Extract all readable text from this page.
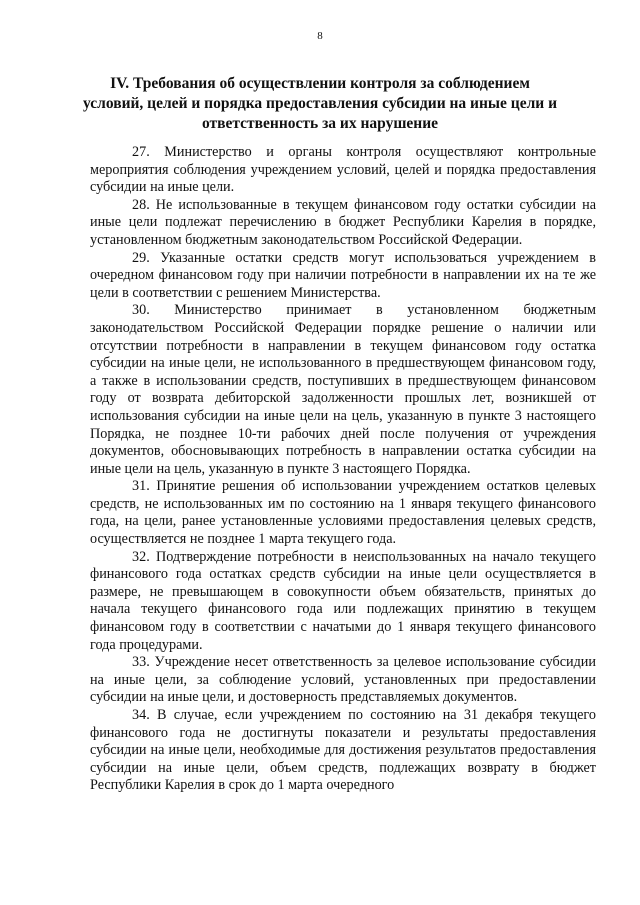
8
IV. Требования об осуществлении контроля за соблюдением условий, целей и порядка предоставления субсидии на иные цели и ответственность за их нарушение

27. Министерство и органы контроля осуществляют контрольные мероприятия соблюдения учреждением условий, целей и порядка предоставления субсидии на иные цели.

28. Не использованные в текущем финансовом году остатки субсидии на иные цели подлежат перечислению в бюджет Республики Карелия в порядке, установленном бюджетным законодательством Российской Федерации.

29. Указанные остатки средств могут использоваться учреждением в очередном финансовом году при наличии потребности в направлении их на те же цели в соответствии с решением Министерства.

30. Министерство принимает в установленном бюджетным законодательством Российской Федерации порядке решение о наличии или отсутствии потребности в направлении в текущем финансовом году остатка субсидии на иные цели, не использованного в предшествующем финансовом году, а также в использовании средств, поступивших в предшествующем финансовом году от возврата дебиторской задолженности прошлых лет, возникшей от использования субсидии на иные цели на цель, указанную в пункте 3 настоящего Порядка, не позднее 10-ти рабочих дней после получения от учреждения документов, обосновывающих потребность в направлении остатка субсидии на иные цели на цель, указанную в пункте 3 настоящего Порядка.

31. Принятие решения об использовании учреждением остатков целевых средств, не использованных им по состоянию на 1 января текущего финансового года, на цели, ранее установленные условиями предоставления целевых средств, осуществляется не позднее 1 марта текущего года.

32. Подтверждение потребности в неиспользованных на начало текущего финансового года остатках средств субсидии на иные цели осуществляется в размере, не превышающем в совокупности объем обязательств, принятых до начала текущего финансового года или подлежащих принятию в текущем финансовом году в соответствии с начатыми до 1 января текущего финансового года процедурами.

33. Учреждение несет ответственность за целевое использование субсидии на иные цели, за соблюдение условий, установленных при предоставлении субсидии на иные цели, и достоверность представляемых документов.

34. В случае, если учреждением по состоянию на 31 декабря текущего финансового года не достигнуты показатели и результаты предоставления субсидии на иные цели, необходимые для достижения результатов предоставления субсидии на иные цели, объем средств, подлежащих возврату в бюджет Республики Карелия в срок до 1 марта очередного
